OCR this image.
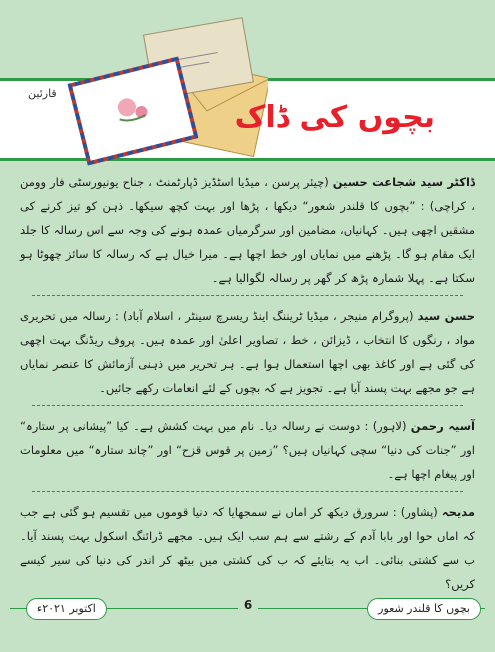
قارئین
بچوں کی ڈاک

ڈاکٹر سید شجاعت حسین (چیئر پرسن ، میڈیا اسٹڈیز ڈپارٹمنٹ ، جناح یونیورسٹی فار وومن ، کراچی) : ”بچوں کا قلندر شعور“ دیکھا ، پڑھا اور بہت کچھ سیکھا۔ ذہن کو تیز کرنے کی مشقیں اچھی ہیں۔ کہانیاں، مضامین اور سرگرمیاں عمدہ ہونے کی وجہ سے اس رسالہ کا جلد ایک مقام ہو گا۔ پڑھنے میں نمایاں اور خط اچھا ہے۔ میرا خیال ہے کہ رسالہ کا سائز چھوٹا ہو سکتا ہے۔ پہلا شمارہ پڑھ کر گھر پر رسالہ لگوالیا ہے۔

حسن سید (پروگرام منیجر ، میڈیا ٹریننگ اینڈ ریسرچ سینٹر ، اسلام آباد) : رسالہ میں تحریری مواد ، رنگوں کا انتخاب ، ڈیزائن ، خط ، تصاویر اعلیٰ اور عمدہ ہیں۔ پروف ریڈنگ بہت اچھی کی گئی ہے اور کاغذ بھی اچھا استعمال ہوا ہے۔ ہر تحریر میں ذہنی آزمائش کا عنصر نمایاں ہے جو مجھے بہت پسند آیا ہے۔ تجویز ہے کہ بچوں کے لئے انعامات رکھے جائیں۔

آسیہ رحمن (لاہور) : دوست نے رسالہ دیا۔ نام میں بہت کشش ہے۔ کیا ”پیشانی پر ستارہ“ اور ”جنات کی دنیا“ سچی کہانیاں ہیں؟ ”زمین پر قوس قزح“ اور ”چاند ستارہ“ میں معلومات اور پیغام اچھا ہے۔

مدیحہ (پشاور) : سرورق دیکھ کر اماں نے سمجھایا کہ دنیا قوموں میں تقسیم ہو گئی ہے جب کہ اماں حوا اور بابا آدم کے رشتے سے ہم سب ایک ہیں۔ مجھے ڈرائنگ اسکول بہت پسند آیا۔ ب سے کشتی بنائی۔ اب یہ بتایئے کہ ب کی کشتی میں بیٹھ کر اندر کی دنیا کی سیر کیسے کریں؟

بچوں کا قلندر شعور
6
اکتوبر ۲۰۲۱ء
